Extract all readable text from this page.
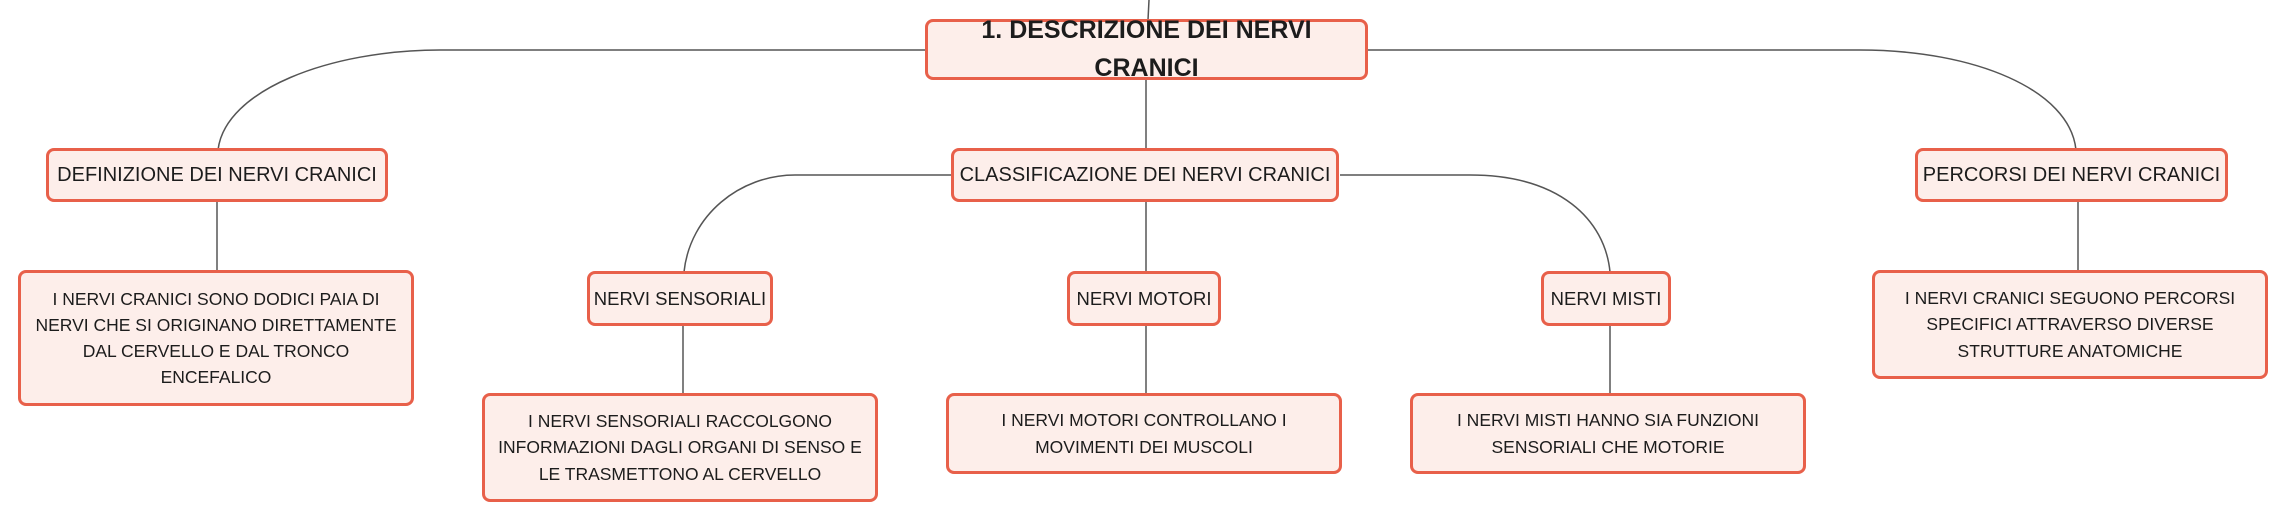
1. DESCRIZIONE DEI NERVI CRANICI
DEFINIZIONE DEI NERVI CRANICI	CLASSIFICAZIONE DEI NERVI CRANICI	PERCORSI DEI NERVI CRANICI
I NERVI CRANICI SONO DODICI PAIA DI NERVI CHE SI ORIGINANO DIRETTAMENTE DAL CERVELLO E DAL TRONCO ENCEFALICO
NERVI SENSORIALI	NERVI MOTORI	NERVI MISTI	I NERVI CRANICI SEGUONO PERCORSI SPECIFICI ATTRAVERSO DIVERSE STRUTTURE ANATOMICHE
I NERVI SENSORIALI RACCOLGONO INFORMAZIONI DAGLI ORGANI DI SENSO E LE TRASMETTONO AL CERVELLO
I NERVI MOTORI CONTROLLANO I MOVIMENTI DEI MUSCOLI
I NERVI MISTI HANNO SIA FUNZIONI SENSORIALI CHE MOTORIE
